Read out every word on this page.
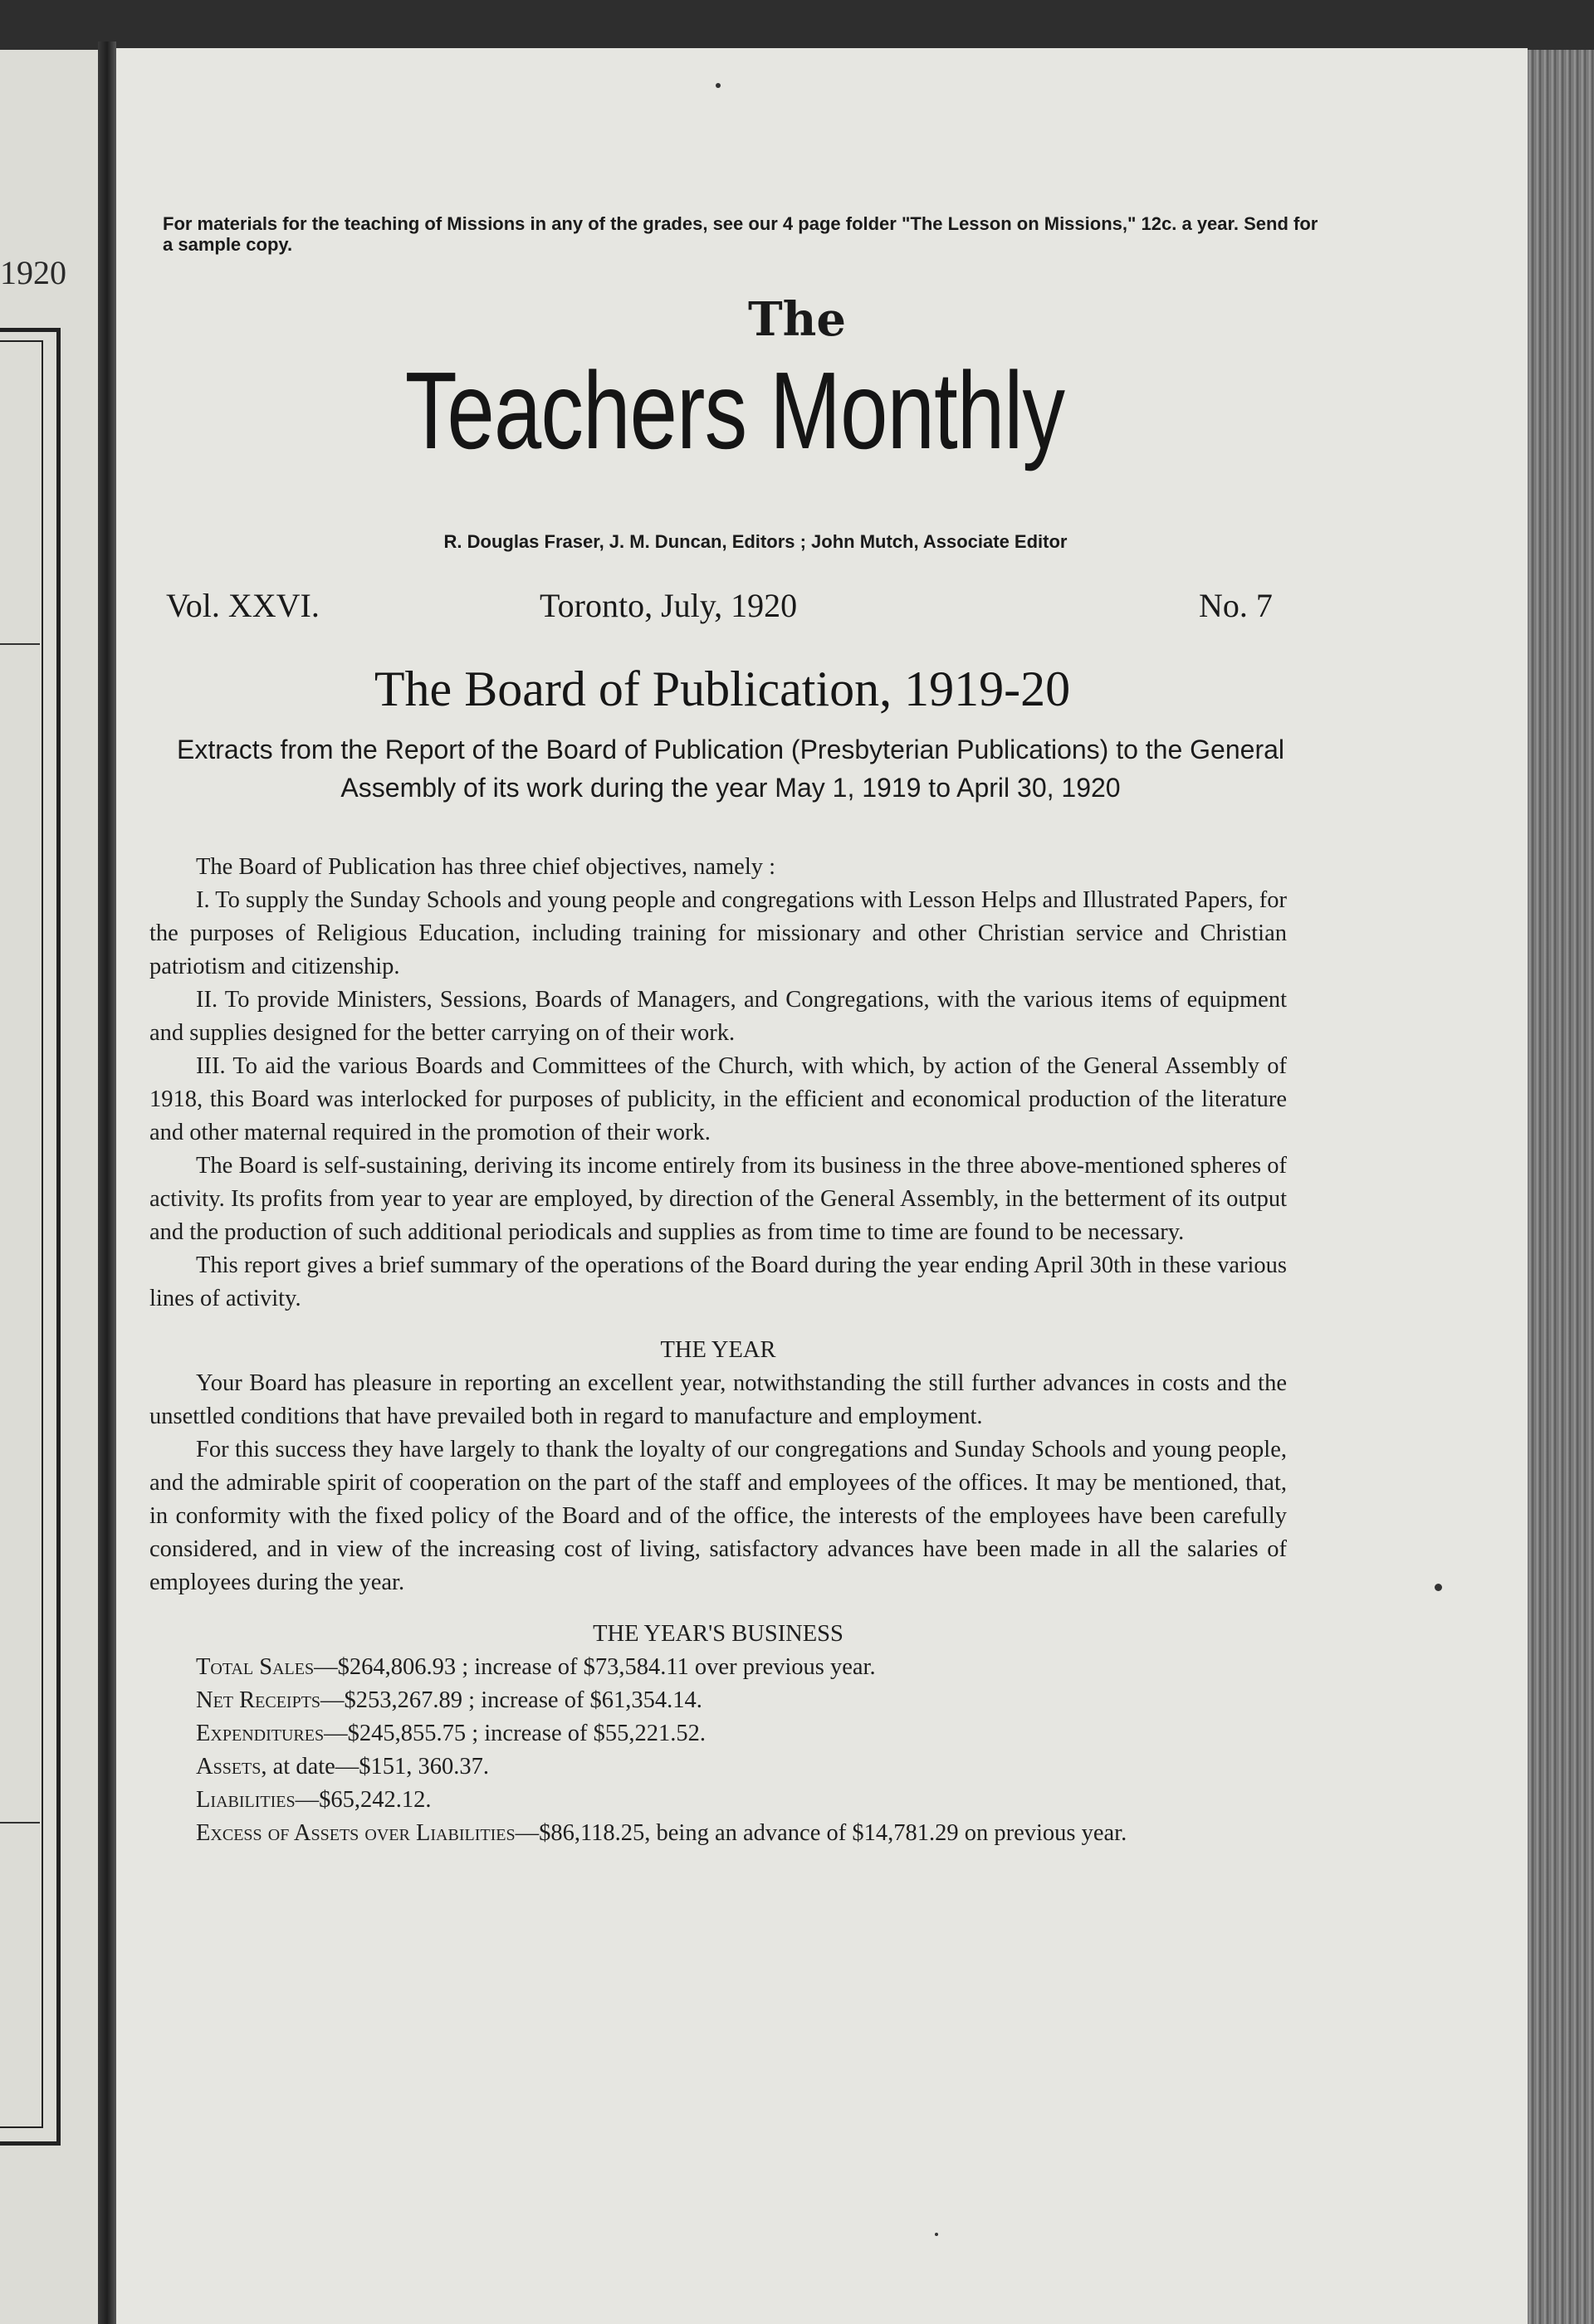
1920
For materials for the teaching of Missions in any of the grades, see our 4 page folder "The Lesson on Missions," 12c. a year. Send for a sample copy.
The
Teachers Monthly
R. Douglas Fraser, J. M. Duncan, Editors ; John Mutch, Associate Editor
Vol. XXVI.	Toronto, July, 1920	No. 7
The Board of Publication, 1919-20
Extracts from the Report of the Board of Publication (Presbyterian Publications) to the General Assembly of its work during the year May 1, 1919 to April 30, 1920

The Board of Publication has three chief objectives, namely :

I. To supply the Sunday Schools and young people and congregations with Lesson Helps and Illustrated Papers, for the purposes of Religious Education, including training for missionary and other Christian service and Christian patriotism and citizenship.

II. To provide Ministers, Sessions, Boards of Managers, and Congregations, with the various items of equipment and supplies designed for the better carrying on of their work.

III. To aid the various Boards and Committees of the Church, with which, by action of the General Assembly of 1918, this Board was interlocked for purposes of publicity, in the efficient and economical production of the literature and other maternal required in the promotion of their work.

The Board is self-sustaining, deriving its income entirely from its business in the three above-mentioned spheres of activity. Its profits from year to year are employed, by direction of the General Assembly, in the betterment of its output and the production of such additional periodicals and supplies as from time to time are found to be necessary.

This report gives a brief summary of the operations of the Board during the year ending April 30th in these various lines of activity.

THE YEAR

Your Board has pleasure in reporting an excellent year, notwithstanding the still further advances in costs and the unsettled conditions that have prevailed both in regard to manufacture and employment.

For this success they have largely to thank the loyalty of our congregations and Sunday Schools and young people, and the admirable spirit of cooperation on the part of the staff and employees of the offices. It may be mentioned, that, in conformity with the fixed policy of the Board and of the office, the interests of the employees have been carefully considered, and in view of the increasing cost of living, satisfactory advances have been made in all the salaries of employees during the year.

THE YEAR'S BUSINESS

Total Sales—$264,806.93 ; increase of $73,584.11 over previous year.

Net Receipts—$253,267.89 ; increase of $61,354.14.

Expenditures—$245,855.75 ; increase of $55,221.52.

Assets, at date—$151, 360.37.

Liabilities—$65,242.12.

Excess of Assets over Liabilities—$86,118.25, being an advance of $14,781.29 on previous year.
